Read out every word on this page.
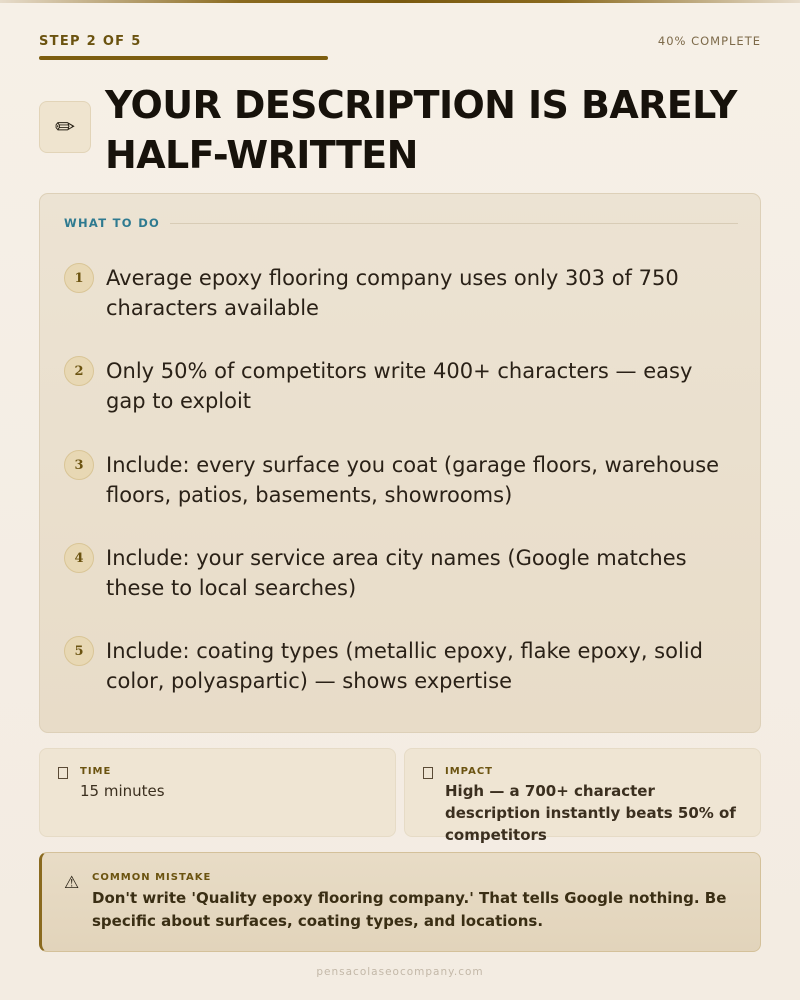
STEP 2 OF 5	40% COMPLETE
✏ YOUR DESCRIPTION IS BARELY HALF-WRITTEN
WHAT TO DO
1	Average epoxy flooring company uses only 303 of 750 characters available
2	Only 50% of competitors write 400+ characters — easy gap to exploit
3	Include: every surface you coat (garage floors, warehouse floors, patios, basements, showrooms)
4	Include: your service area city names (Google matches these to local searches)
5	Include: coating types (metallic epoxy, flake epoxy, solid color, polyaspartic) — shows expertise
TIME
15 minutes
IMPACT
High — a 700+ character description instantly beats 50% of competitors
⚠ COMMON MISTAKE
Don't write 'Quality epoxy flooring company.' That tells Google nothing. Be specific about surfaces, coating types, and locations.
pensacolaseocompany.com
